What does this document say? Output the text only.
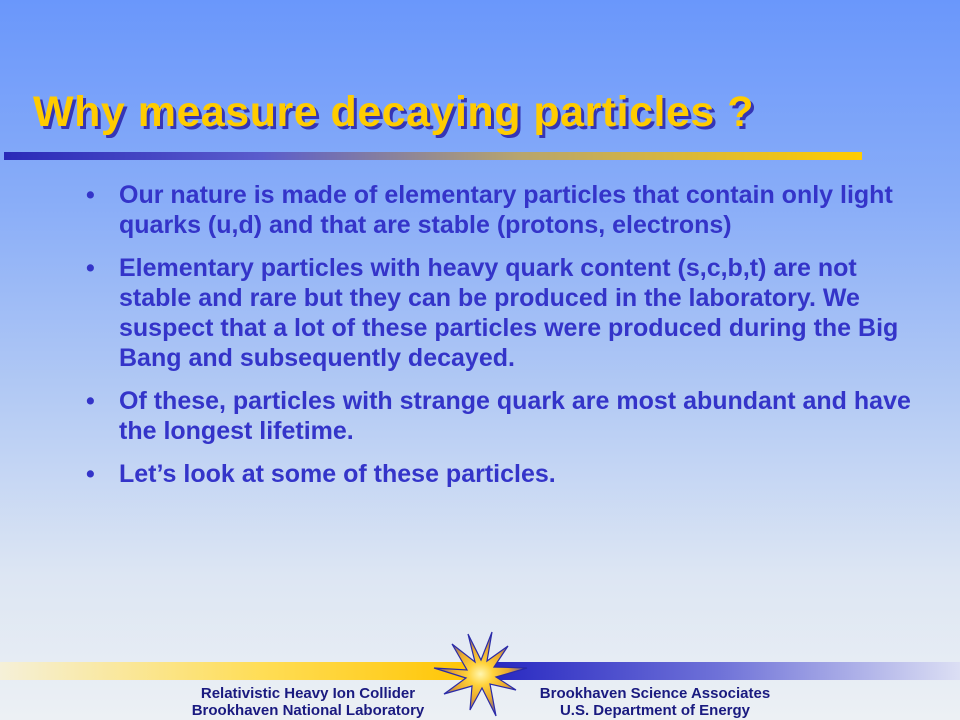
Why measure decaying particles ?
• Our nature is made of elementary particles that contain only light quarks (u,d) and that are stable (protons, electrons)
• Elementary particles with heavy quark content (s,c,b,t) are not stable and rare but they can be produced in the laboratory. We suspect that a lot of these particles were produced during the Big Bang and subsequently decayed.
• Of these, particles with strange quark are most abundant and have the longest lifetime.
• Let’s look at some of these particles.
Relativistic Heavy Ion Collider
Brookhaven National Laboratory
Brookhaven Science Associates
U.S. Department of Energy
